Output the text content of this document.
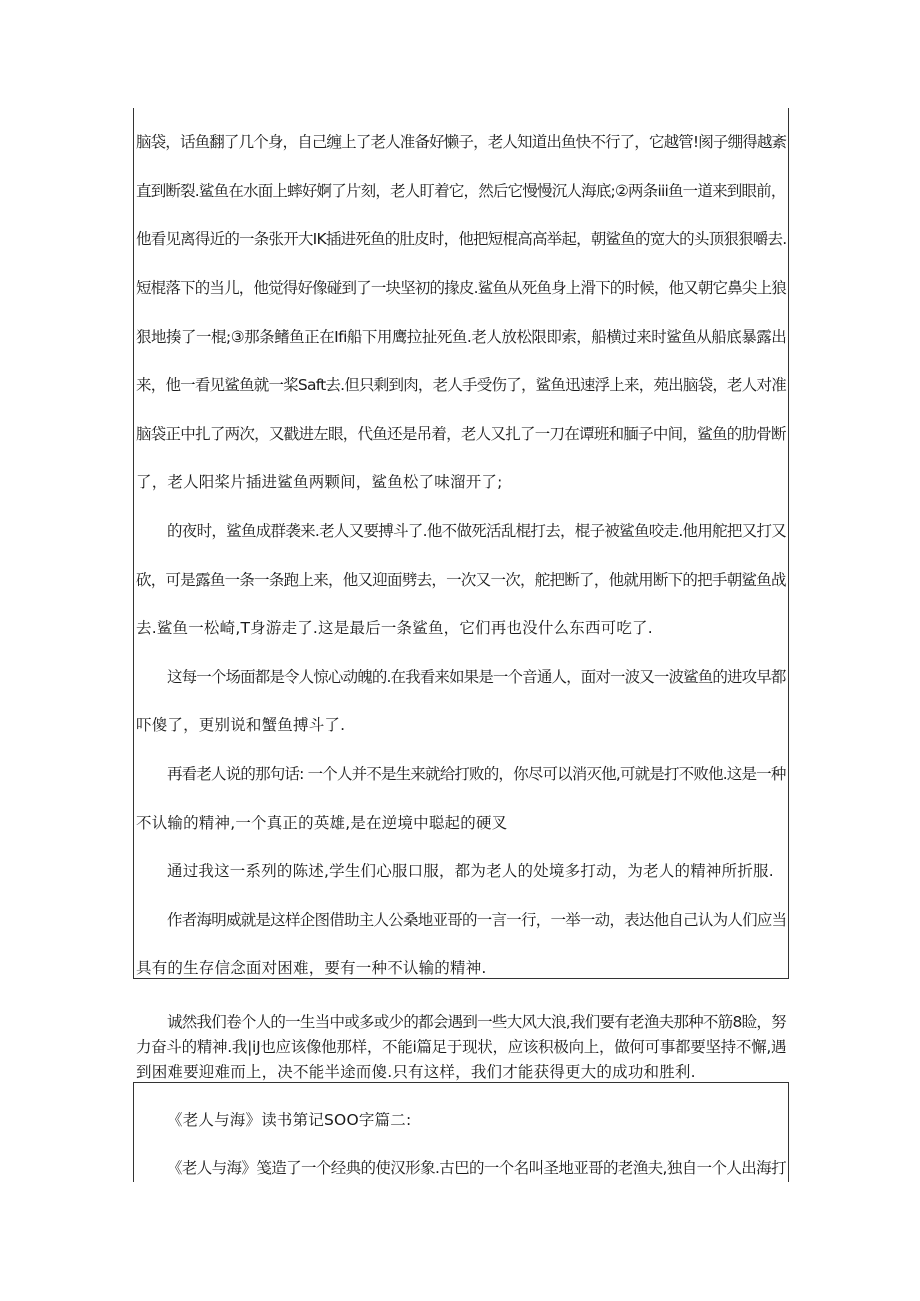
脑袋，话鱼翻了几个身，自己缠上了老人准备好懒子，老人知道出鱼快不行了，它越管!阂子绷得越紊
直到断裂.鲨鱼在水面上蟀好婀了片刻，老人盯着它，然后它慢慢沉人海底;②两条iii鱼一道来到眼前，
他看见离得近的一条张开大IK插进死鱼的肚皮时，他把短棍高高举起，朝鲨鱼的宽大的头顶狠狠嚼去.
短棍落下的当儿，他觉得好像碰到了一块坚初的掾皮.鲨鱼从死鱼身上滑下的时候，他又朝它鼻尖上狼
狠地揍了一棍;③那条鳍鱼正在Ifi船下用鹰拉扯死鱼.老人放松限即索，船横过来时鲨鱼从船底暴露出
来，他一看见鲨鱼就一桨Saft去.但只剩到肉，老人手受伤了，鲨鱼迅速浮上来，苑出脑袋，老人对准
脑袋正中扎了两次，又戳进左眼，代鱼还是吊着，老人又扎了一刀在谭班和腼子中间，鲨鱼的肋骨断
了，老人阳桨片插进鲨鱼两颗间，鲨鱼松了味溜开了;
的夜时，鲨鱼成群袭来.老人又要搏斗了.他不做死活乱棍打去，棍子被鲨鱼咬走.他用舵把又打又
砍，可是露鱼一条一条跑上来，他又迎面劈去，一次又一次，舵把断了，他就用断下的把手朝鲨鱼战
去.鲨鱼一松崎,T身游走了.这是最后一条鲨鱼，它们再也没什么东西可吃了.
这每一个场面都是令人惊心动魄的.在我看来如果是一个音通人，面对一波又一波鲨鱼的进攻早都
吓傻了，更别说和蟹鱼搏斗了.
再看老人说的那句话: 一个人并不是生来就给打败的，你尽可以消灭他,可就是打不败他.这是一种
不认输的精神,一个真正的英雄,是在逆境中聪起的硬叉
通过我这一系列的陈述,学生们心服口服，都为老人的处境多打动，为老人的精神所折服.
作者海明威就是这样企图借助主人公桑地亚哥的一言一行，一举一动，表达他自己认为人们应当
具有的生存信念面对困难，要有一种不认输的精神.
诚然我们卷个人的一生当中或多或少的都会遇到一些大风大浪,我们要有老渔夫那种不筋8睑，努
力奋斗的精神.我|iJ也应该像他那样，不能i篇足于现状，应该积极向上，做何可事都要坚持不懈,遇
到困难要迎难而上，决不能半途而傻.只有这样，我们才能获得更大的成功和胜利.
《老人与海》读书第记SOO字篇二:
《老人与海》笺造了一个经典的使汉形象.古巴的一个名叫圣地亚哥的老渔夫,独自一个人出海打
